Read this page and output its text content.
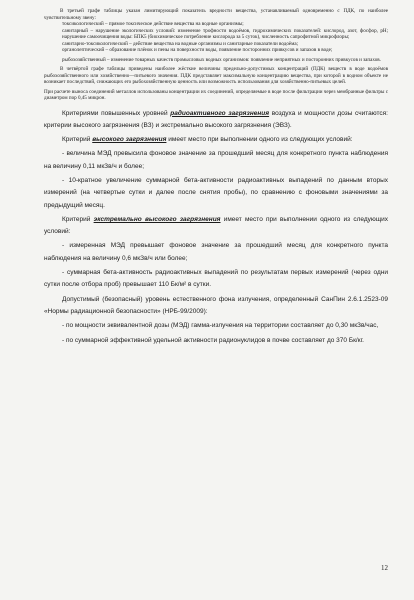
В третьей графе таблицы указан лимитирующий показатель вредности вещества, устанавливаемый одновременно с ПДК, по наиболее чувствительному звену:

токсикологический – прямое токсическое действие вещества на водные организмы;

санитарный – нарушение экологических условий: изменение трофности водоёмов, гидрохимических показателей: кислород, азот, фосфор, рН; нарушение самоочищения воды: БПК5 (биохимическое потребление кислорода за 5 суток), численность сапрофитной микрофлоры;

санитарно-токсикологический – действие вещества на водные организмы и санитарные показатели водоёма;

органолептический – образование плёнок и пены на поверхности воды, появление посторонних привкусов и запахов в воде;

рыбохозяйственный – изменение товарных качеств промысловых водных организмов: появление неприятных и посторонних привкусов и запахов.

В четвёртой графе таблицы приведены наиболее жёсткие величины предельно-допустимых концентраций (ПДК) веществ в воде водоёмов рыбохозяйственного или хозяйственно—питьевого значения. ПДК представляет максимальную концентрацию вещества, при которой в водном объекте не возникает последствий, снижающих его рыбохозяйственную ценность или возможность использования для хозяйственно-питьевых целей.

При расчете выноса соединений металлов использованы концентрации их соединений, определяемые в воде после фильтрации через мембранные фильтры с диаметром пор 0,45 микрон.

Критериями повышенных уровней радиоактивного загрязнения воздуха и мощности дозы считаются: критерии высокого загрязнения (ВЗ) и экстремально высокого загрязнения (ЭВЗ).

Критерий высокого загрязнения имеет место при выполнении одного из следующих условий:

- величина МЭД превысила фоновое значение за прошедший месяц для конкретного пункта наблюдения на величину 0,11 мкЗв/ч и более;

- 10-кратное увеличение суммарной бета-активности радиоактивных выпадений по данным вторых измерений (на четвертые сутки и далее после снятия пробы), по сравнению с фоновыми значениями за предыдущий месяц.

Критерий экстремально высокого загрязнения имеет место при выполнении одного из следующих условий:

- измеренная МЭД превышает фоновое значение за прошедший месяц для конкретного пункта наблюдения на величину 0,6 мкЗв/ч или более;

- суммарная бета-активность радиоактивных выпадений по результатам первых измерений (через одни сутки после отбора проб) превышает 110 Бк/м² в сутки.

Допустимый (безопасный) уровень естественного фона излучения, определенный СанПин 2.6.1.2523-09 «Нормы радиационной безопасности» (НРБ-99/2009):

- по мощности эквивалентной дозы (МЭД) гамма-излучения на территории составляет до 0,30 мкЗв/час,

- по суммарной эффективной удельной активности радионуклидов в почве составляет до 370 Бк/кг.

12
